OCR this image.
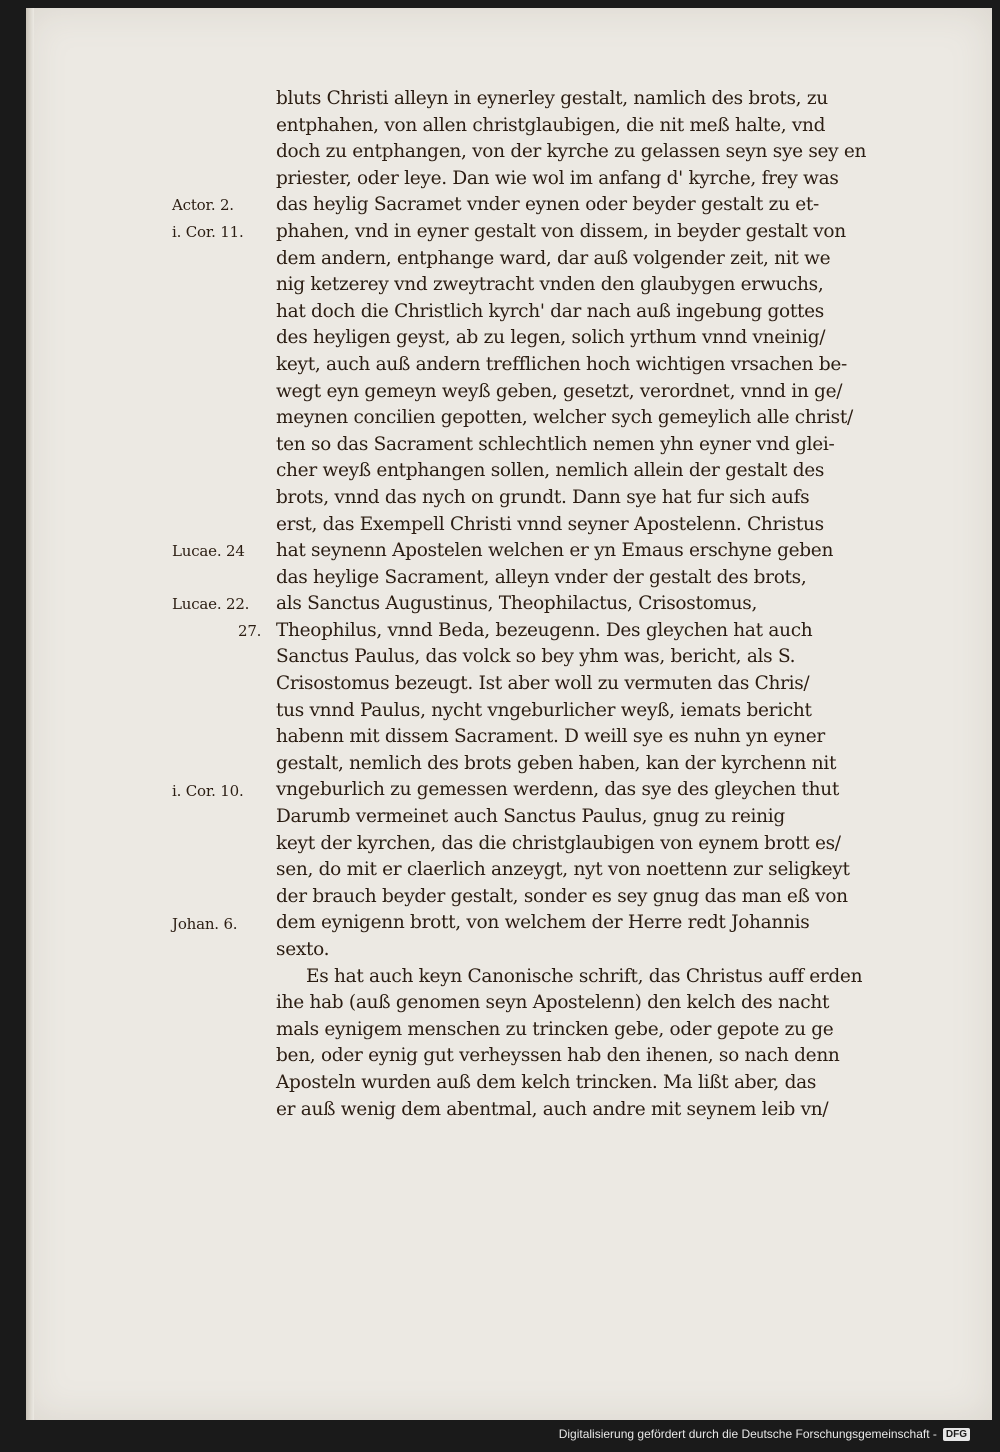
bluts Christi alleyn in eynerley gestalt, namlich des brots, zu
entphahen, von allen christglaubigen, die nit meß halte, vnd
doch zu entphangen, von der kyrche zu gelassen seyn sye sey en
priester, oder leye. Dan wie wol im anfang d' kyrche, frey was
das heylig Sacramet vnder eynen oder beyder gestalt zu et-
phahen, vnd in eyner gestalt von dissem, in beyder gestalt von
dem andern, entphange ward, dar auß volgender zeit, nit we
nig ketzerey vnd zweytracht vnden den glaubygen erwuchs,
hat doch die Christlich kyrch' dar nach auß ingebung gottes
des heyligen geyst, ab zu legen, solich yrthum vnnd vneinig/
keyt, auch auß andern trefflichen hoch wichtigen vrsachen be-
wegt eyn gemeyn weyß geben, gesetzt, verordnet, vnnd in ge/
meynen concilien gepotten, welcher sych gemeylich alle christ/
ten so das Sacrament schlechtlich nemen yhn eyner vnd glei-
cher weyß entphangen sollen, nemlich allein der gestalt des
brots, vnnd das nych on grundt. Dann sye hat fur sich aufs
erst, das Exempell Christi vnnd seyner Apostelenn. Christus
hat seynenn Apostelen welchen er yn Emaus erschyne geben
das heylige Sacrament, alleyn vnder der gestalt des brots,
als Sanctus Augustinus, Theophilactus, Crisostomus,
Theophilus, vnnd Beda, bezeugenn. Des gleychen hat auch
Sanctus Paulus, das volck so bey yhm was, bericht, als S.
Crisostomus bezeugt. Ist aber woll zu vermuten das Chris/
tus vnnd Paulus, nycht vngeburlicher weyß, iemats bericht
habenn mit dissem Sacrament. D weill sye es nuhn yn eyner
gestalt, nemlich des brots geben haben, kan der kyrchenn nit
vngeburlich zu gemessen werdenn, das sye des gleychen thut
Darumb vermeinet auch Sanctus Paulus, gnug zu reinig
keyt der kyrchen, das die christglaubigen von eynem brott es/
sen, do mit er claerlich anzeygt, nyt von noettenn zur seligkeyt
der brauch beyder gestalt, sonder es sey gnug das man eß von
dem eynigenn brott, von welchem der Herre redt Johannis
sexto.
Es hat auch keyn Canonische schrift, das Christus auff erden
ihe hab (auß genomen seyn Apostelenn) den kelch des nacht
mals eynigem menschen zu trincken gebe, oder gepote zu ge
ben, oder eynig gut verheyssen hab den ihenen, so nach denn
Aposteln wurden auß dem kelch trincken. Ma lißt aber, das
er auß wenig dem abentmal, auch andre mit seynem leib vn/
Actor. 2.
i. Cor. 11.
Lucae. 24
Lucae. 22.
27.
i. Cor. 10.
Johan. 6.
Digitalisierung gefördert durch die Deutsche Forschungsgemeinschaft - DFG
